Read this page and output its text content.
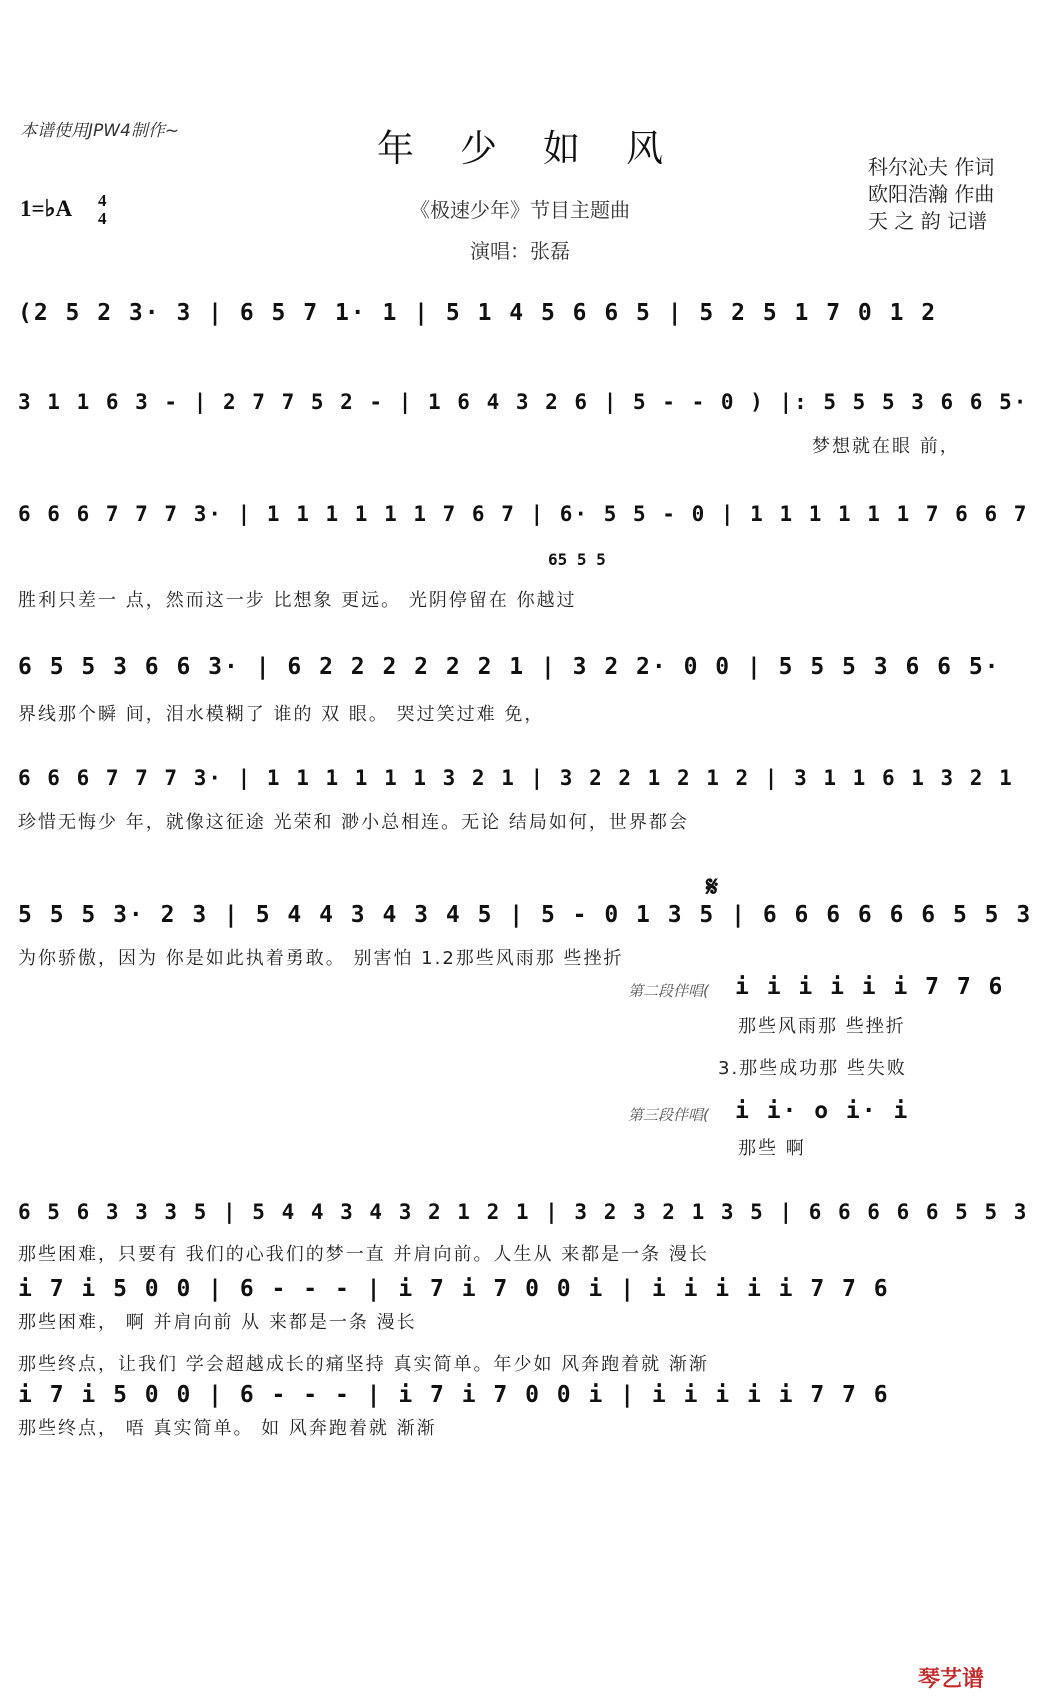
本谱使用JPW4制作~	年少如风
1=♭A 4
4	《极速少年》节目主题曲
演唱：张磊
科尔沁夫 作词
欧阳浩瀚 作曲
天 之 韵 记谱
(2 5 2 3· 3 | 6 5 7 1· 1 | 5 1 4 5 6 6 5 | 5 2 5 1 7 0 1 2
3 1 1 6 3 - | 2 7 7 5 2 - | 1 6 4 3 2 6 | 5 - - 0 ) |: 5 5 5 3 6 6 5·
梦想就在眼 前，
6 6 6 7 7 7 3· | 1 1 1 1 1 1 7 6 7 | 6· 5 5 - 0 | 1 1 1 1 1 1 7 6 6 7
65 5 5
胜利只差一 点，然而这一步 比想象 更远。 光阴停留在 你越过
6 5 5 3 6 6 3· | 6 2 2 2 2 2 2 1 | 3 2 2· 0 0 | 5 5 5 3 6 6 5·
界线那个瞬 间，泪水模糊了 谁的 双 眼。 哭过笑过难 免，
6 6 6 7 7 7 3· | 1 1 1 1 1 1 3 2 1 | 3 2 2 1 2 1 2 | 3 1 1 6 1 3 2 1
珍惜无悔少 年，就像这征途 光荣和 渺小总相连。无论 结局如何，世界都会
𝄋
5 5 5 3· 2 3 | 5 4 4 3 4 3 4 5 | 5 - 0 1 3 5 | 6 6 6 6 6 6 5 5 3
为你骄傲，因为 你是如此执着勇敢。 别害怕 1.2那些风雨那 些挫折
第二段伴唱( i i i i i i 7 7 6
那些风雨那 些挫折
3.那些成功那 些失败
第三段伴唱( i i· o i· i
那些 啊
6 5 6 3 3 3 5 | 5 4 4 3 4 3 2 1 2 1 | 3 2 3 2 1 3 5 | 6 6 6 6 6 5 5 3
那些困难，只要有 我们的心我们的梦一直 并肩向前。人生从 来都是一条 漫长
i 7 i 5 0 0 | 6 - - - | i 7 i 7 0 0 i | i i i i i 7 7 6
那些困难， 啊 并肩向前 从 来都是一条 漫长
那些终点，让我们 学会超越成长的痛坚持 真实简单。年少如 风奔跑着就 渐渐
i 7 i 5 0 0 | 6 - - - | i 7 i 7 0 0 i | i i i i i 7 7 6
那些终点， 唔 真实简单。 如 风奔跑着就 渐渐
琴艺谱
